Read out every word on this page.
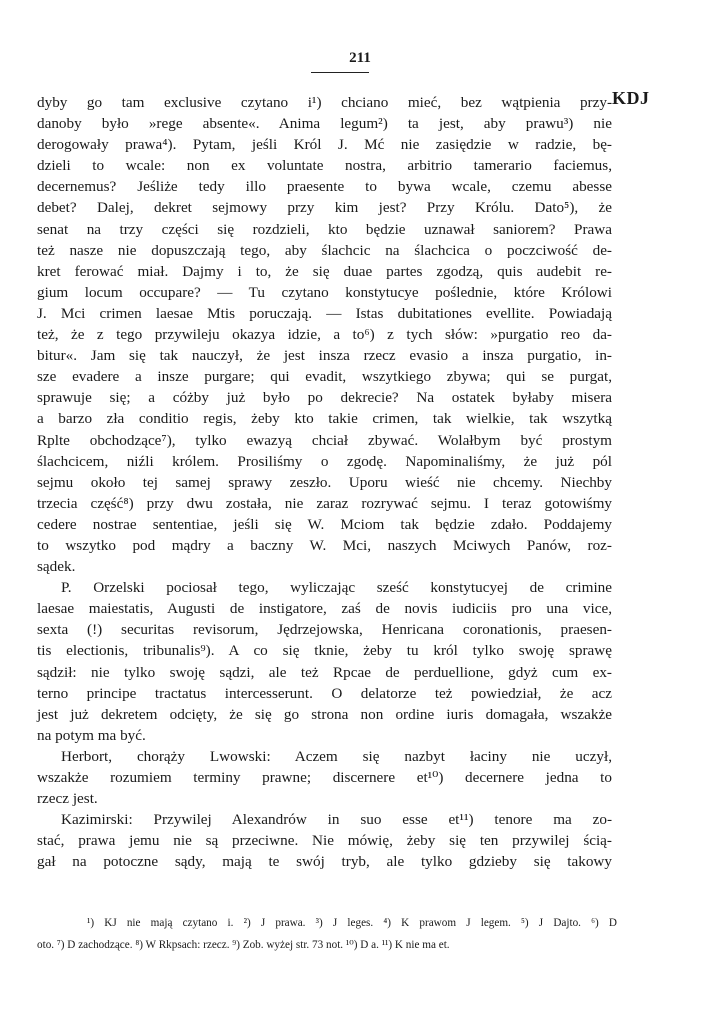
211
KDJ
dyby go tam exclusive czytano i¹) chciano mieć, bez wątpienia przy-
danoby było »rege absente«. Anima legum²) ta jest, aby prawu³) nie
derogowały prawa⁴). Pytam, jeśli Król J. Mć nie zasiędzie w radzie, bę-
dzieli to wcale: non ex voluntate nostra, arbitrio tamerario faciemus,
decernemus? Jeśliże tedy illo praesente to bywa wcale, czemu abesse
debet? Dalej, dekret sejmowy przy kim jest? Przy Królu. Dato⁵), że
senat na trzy części się rozdzieli, kto będzie uznawał saniorem? Prawa
też nasze nie dopuszczają tego, aby ślachcic na ślachcica o poczciwość de-
kret ferować miał. Dajmy i to, że się duae partes zgodzą, quis audebit re-
gium locum occupare? — Tu czytano konstytucye poślednie, które Królowi
J. Mci crimen laesae Mtis poruczają. — Istas dubitationes evellite. Powiadają
też, że z tego przywileju okazya idzie, a to⁶) z tych słów: »purgatio reo da-
bitur«. Jam się tak nauczył, że jest insza rzecz evasio a insza purgatio, in-
sze evadere a insze purgare; qui evadit, wszytkiego zbywa; qui se purgat,
sprawuje się; a cóżby już było po dekrecie? Na ostatek byłaby misera
a barzo zła conditio regis, żeby kto takie crimen, tak wielkie, tak wszytką
Rplte obchodzące⁷), tylko ewazyą chciał zbywać. Wolałbym być prostym
ślachcicem, niźli królem. Prosiliśmy o zgodę. Napominaliśmy, że już pól
sejmu około tej samej sprawy zeszło. Uporu wieść nie chcemy. Niechby
trzecia część⁸) przy dwu została, nie zaraz rozrywać sejmu. I teraz gotowiśmy
cedere nostrae sententiae, jeśli się W. Mciom tak będzie zdało. Poddajemy
to wszytko pod mądry a baczny W. Mci, naszych Mciwych Panów, roz-
sądek.
P. Orzelski pociosał tego, wyliczając sześć konstytucyej de crimine
laesae maiestatis, Augusti de instigatore, zaś de novis iudiciis pro una vice,
sexta (!) securitas revisorum, Jędrzejowska, Henricana coronationis, praesen-
tis electionis, tribunalis⁹). A co się tknie, żeby tu król tylko swoję sprawę
sądził: nie tylko swoję sądzi, ale też Rpcae de perduellione, gdyż cum ex-
terno principe tractatus intercesserunt. O delatorze też powiedział, że acz
jest już dekretem odcięty, że się go strona non ordine iuris domagała, wszakże
na potym ma być.
Herbort, chorąży Lwowski: Aczem się nazbyt łaciny nie uczył,
wszakże rozumiem terminy prawne; discernere et¹⁰) decernere jedna to
rzecz jest.
Kazimirski: Przywilej Alexandrów in suo esse et¹¹) tenore ma zo-
stać, prawa jemu nie są przeciwne. Nie mówię, żeby się ten przywilej ścią-
gał na potoczne sądy, mają te swój tryb, ale tylko gdzieby się takowy
¹) KJ nie mają czytano i. ²) J prawa. ³) J leges. ⁴) K prawom J legem. ⁵) J Dajto. ⁶) D
oto. ⁷) D zachodzące. ⁸) W Rkpsach: rzecz. ⁹) Zob. wyżej str. 73 not. ¹⁰) D a. ¹¹) K nie ma et.
